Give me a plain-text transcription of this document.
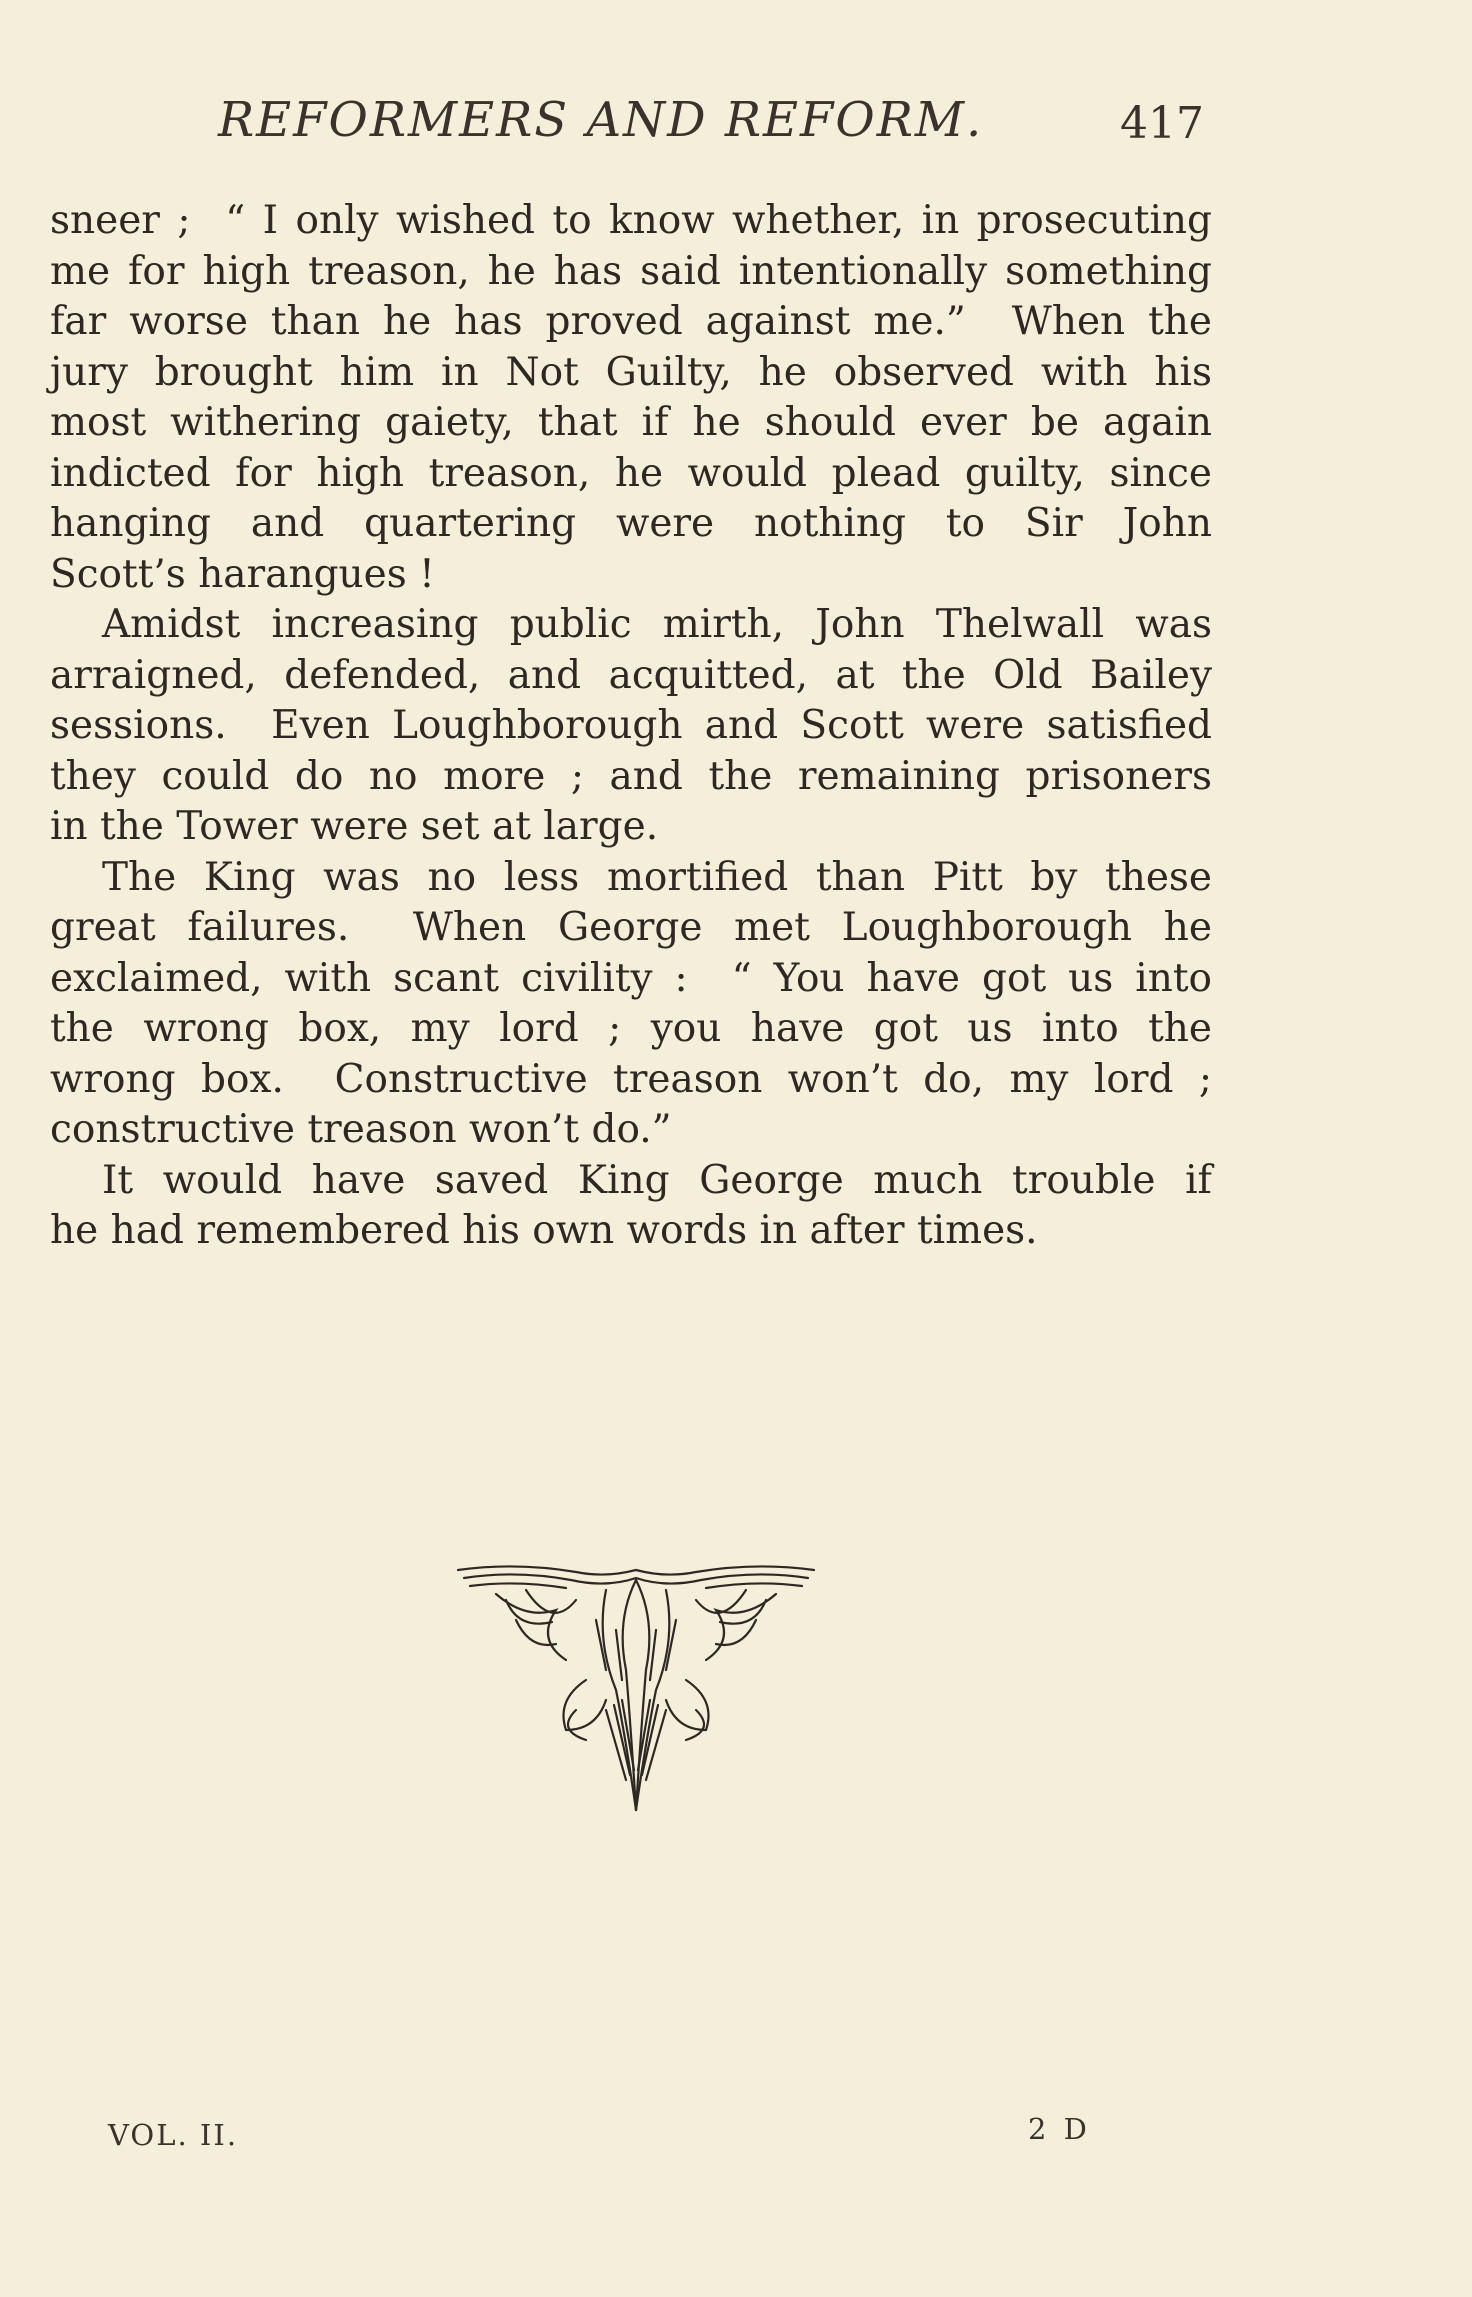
REFORMERS AND REFORM.	417
sneer ;  “ I only wished to know whether, in prosecuting
me for high treason, he has said intentionally something
far worse than he has proved against me.”  When the
jury brought him in Not Guilty, he observed with his
most withering gaiety, that if he should ever be again
indicted for high treason, he would plead guilty, since
hanging and quartering were nothing to Sir John
Scott’s harangues !
Amidst increasing public mirth, John Thelwall was
arraigned, defended, and acquitted, at the Old Bailey
sessions.  Even Loughborough and Scott were satisfied
they could do no more ; and the remaining prisoners
in the Tower were set at large.
The King was no less mortified than Pitt by these
great failures.  When George met Loughborough he
exclaimed, with scant civility :  “ You have got us into
the wrong box, my lord ; you have got us into the
wrong box.  Constructive treason won’t do, my lord ;
constructive treason won’t do.”
It would have saved King George much trouble if
he had remembered his own words in after times.
VOL. II.	2 D
